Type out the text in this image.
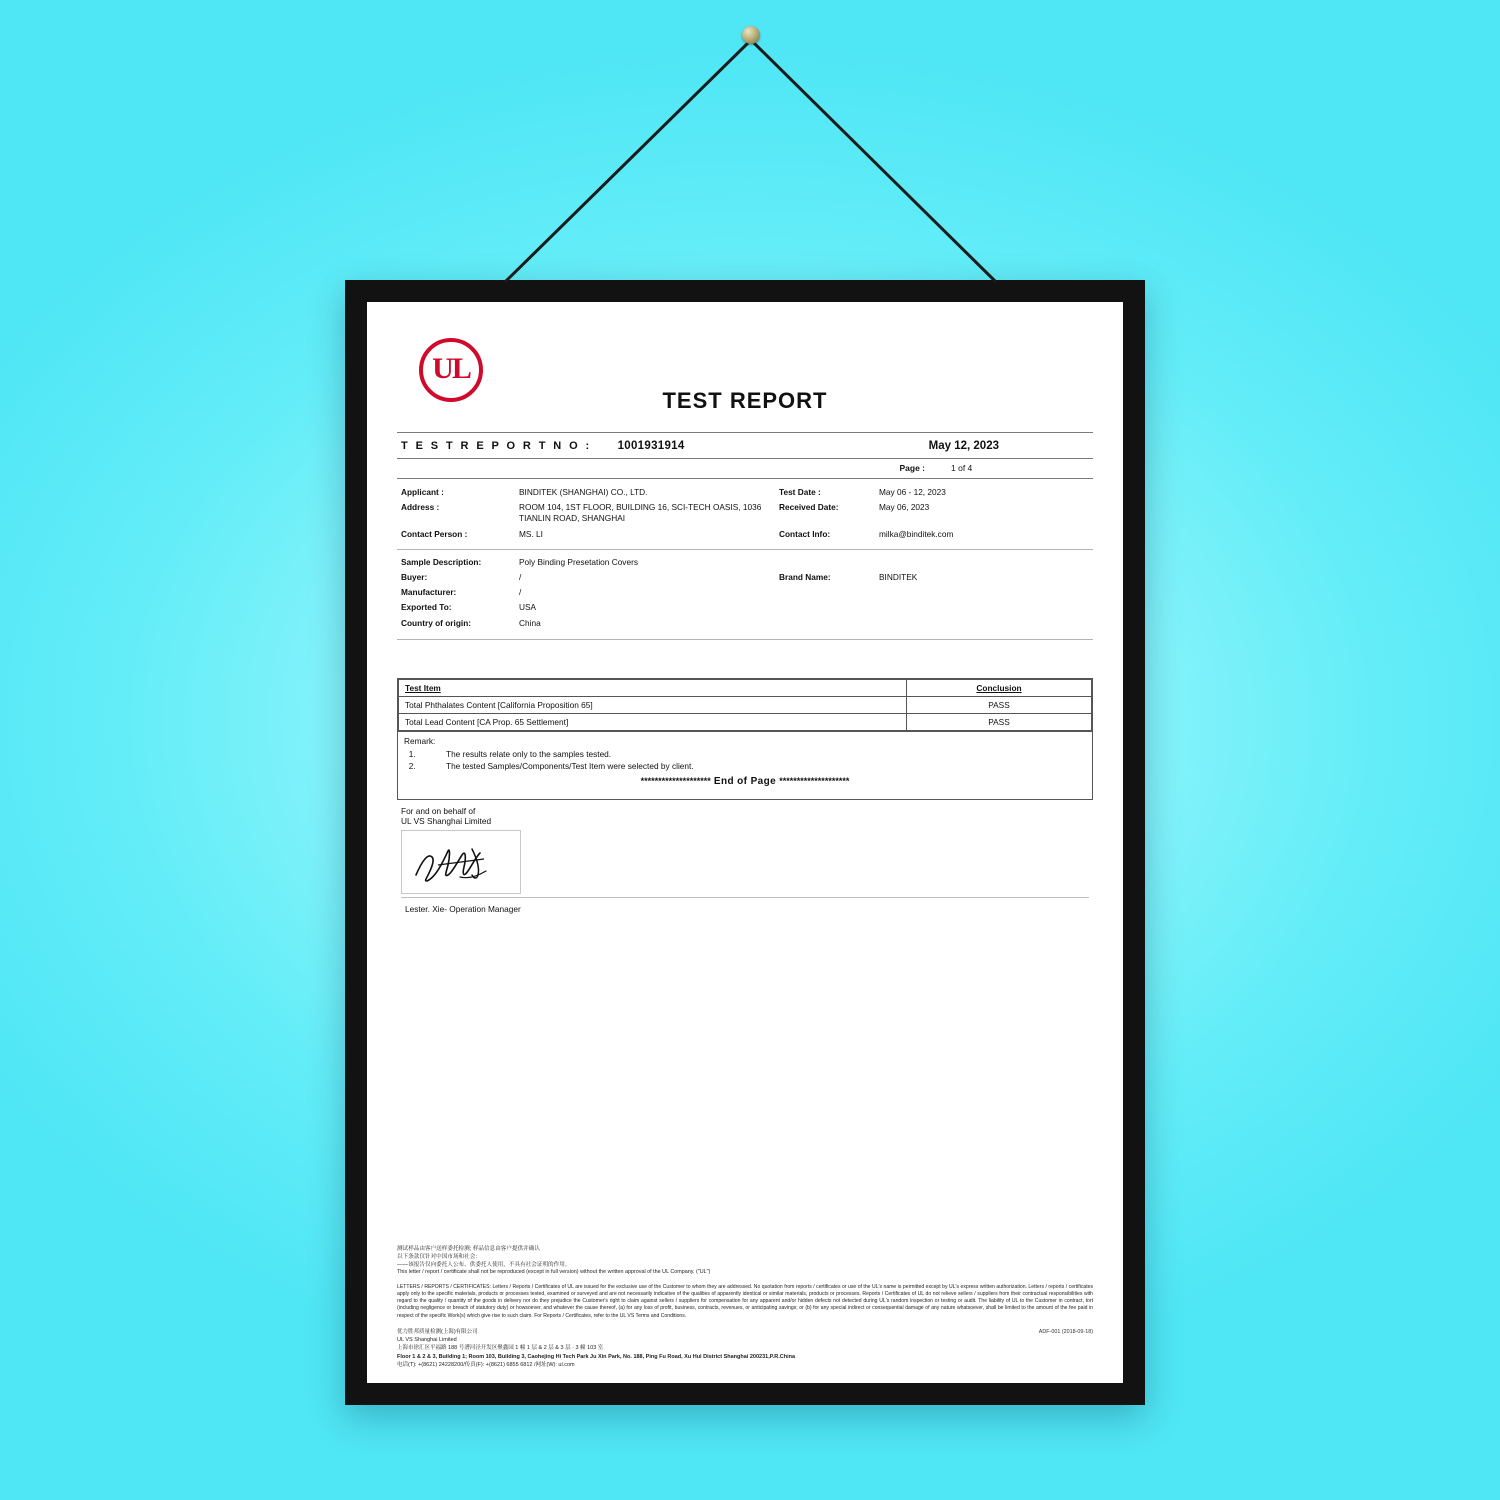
UL
TEST REPORT
T E S T R E P O R T N O : 1001931914	May 12, 2023
Page :	1 of 4
Applicant :	BINDITEK (SHANGHAI) CO., LTD.	Test Date :	May 06 - 12, 2023
Address :	ROOM 104, 1ST FLOOR, BUILDING 16, SCI-TECH OASIS, 1036 TIANLIN ROAD, SHANGHAI
Received Date:	May 06, 2023
Contact Person :	MS. LI	Contact Info:	milka@binditek.com
Sample Description:	Poly Binding Presetation Covers
Buyer:	/	Brand Name:	BINDITEK
Manufacturer:	/
Exported To:	USA
Country of origin:	China
Test Item	Conclusion
Total Phthalates Content [California Proposition 65]	PASS
Total Lead Content [CA Prop. 65 Settlement]	PASS
Remark:
1. The results relate only to the samples tested.
2. The tested Samples/Components/Test Item were selected by client.
******************** End of Page ********************
For and on behalf of
UL VS Shanghai Limited
Lester. Xie- Operation Manager
测试样品由客户送样委托检测; 样品信息由客户提供并确认
以下条款仅针对中国市场和社会：
——该报告仅向委托人公布、供委托人使用，不具有社会证明的作用。
This letter / report / certificate shall not be reproduced (except in full version) without the written approval of the UL Company. ("UL")
LETTERS / REPORTS / CERTIFICATES: Letters / Reports / Certificates of UL are issued for the exclusive use of the Customer to whom they are addressed. No quotation from reports / certificates or use of the UL's name is permitted except by UL's express written authorization. Letters / reports / certificates apply only to the specific materials, products or processes tested, examined or surveyed and are not necessarily indicative of the qualities of apparently identical or similar materials, products or processes. Reports / Certificates of UL do not relieve sellers / suppliers from their contractual responsibilities with regard to the quality / quantity of the goods in delivery nor do they prejudice the Customer's right to claim against sellers / suppliers for compensation for any apparent and/or hidden defects not detected during UL's random inspection or testing or audit. The liability of UL to the Customer in contract, tort (including negligence or breach of statutory duty) or howsoever, and whatever the cause thereof, (a) for any loss of profit, business, contracts, revenues, or anticipating savings; or (b) for any special indirect or consequential damage of any nature whatsoever, shall be limited to the amount of the fee paid in respect of the specific Work(s) which give rise to such claim. For Reports / Certificates, refer to the UL VS Terms and Conditions.
优力胜邦质量检测(上海)有限公司
UL VS Shanghai Limited
上海市徐汇区平福路 188 号漕河泾开发区聚鑫园 1 幢 1 层 & 2 层 & 3 层 · 3 幢 103 室
Floor 1 & 2 & 3, Building 1; Room 103, Building 3, Caohejing Hi Tech Park Ju Xin Park, No. 188, Ping Fu Road, Xu Hui District Shanghai 200231,P.R.China
电话(T): +(8621) 24228200/传真(F): +(8621) 6855 6812 /网址(W): ul.com
ADF-001 (2018-09-18)
